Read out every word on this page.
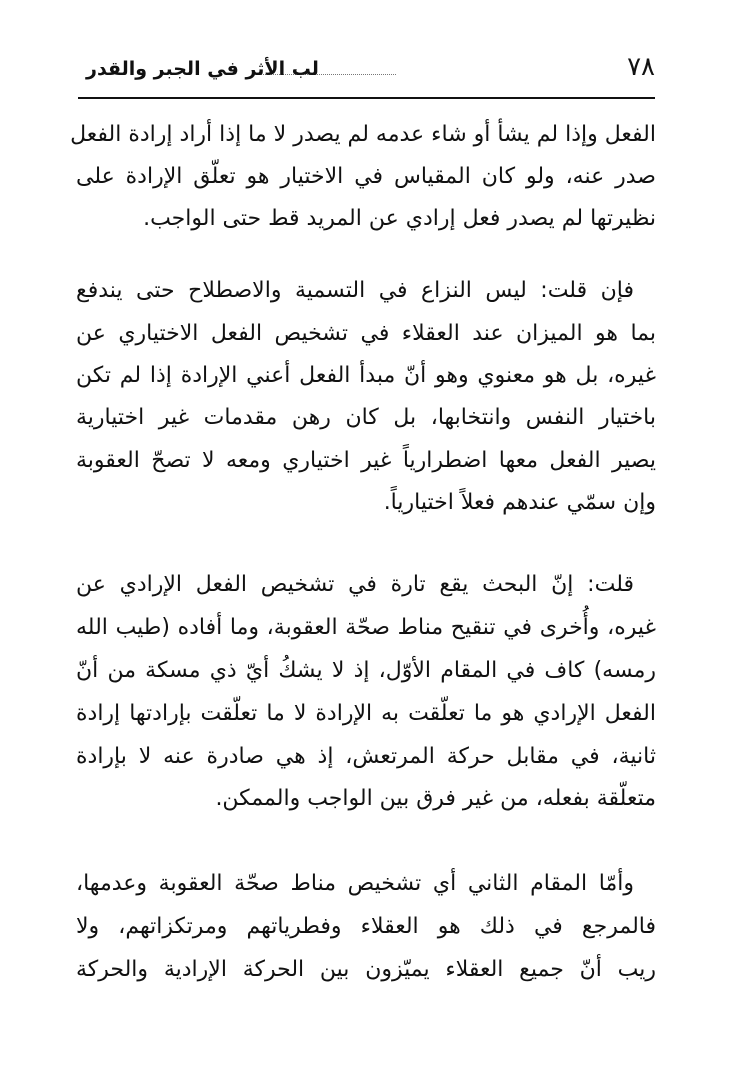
٧٨
لب الأثر في الجبر والقدر
الفعل وإذا لم يشأ أو شاء عدمه لم يصدر لا ما إذا أراد إرادة الفعل
صدر عنه، ولو كان المقياس في الاختيار هو تعلّق الإرادة على
نظيرتها لم يصدر فعل إرادي عن المريد قط حتى الواجب.
فإن قلت: ليس النزاع في التسمية والاصطلاح حتى يندفع
بما هو الميزان عند العقلاء في تشخيص الفعل الاختياري عن
غيره، بل هو معنوي وهو أنّ مبدأ الفعل أعني الإرادة إذا لم تكن
باختيار النفس وانتخابها، بل كان رهن مقدمات غير اختيارية
يصير الفعل معها اضطرارياً غير اختياري ومعه لا تصحّ العقوبة
وإن سمّي عندهم فعلاً اختيارياً.
قلت: إنّ البحث يقع تارة في تشخيص الفعل الإرادي عن
غيره، وأُخرى في تنقيح مناط صحّة العقوبة، وما أفاده (طيب الله
رمسه) كاف في المقام الأوّل، إذ لا يشكُ أيّ ذي مسكة من أنّ
الفعل الإرادي هو ما تعلّقت به الإرادة لا ما تعلّقت بإرادتها إرادة
ثانية، في مقابل حركة المرتعش، إذ هي صادرة عنه لا بإرادة
متعلّقة بفعله، من غير فرق بين الواجب والممكن.
وأمّا المقام الثاني أي تشخيص مناط صحّة العقوبة وعدمها،
فالمرجع في ذلك هو العقلاء وفطرياتهم ومرتكزاتهم، ولا
ريب أنّ جميع العقلاء يميّزون بين الحركة الإرادية والحركة
